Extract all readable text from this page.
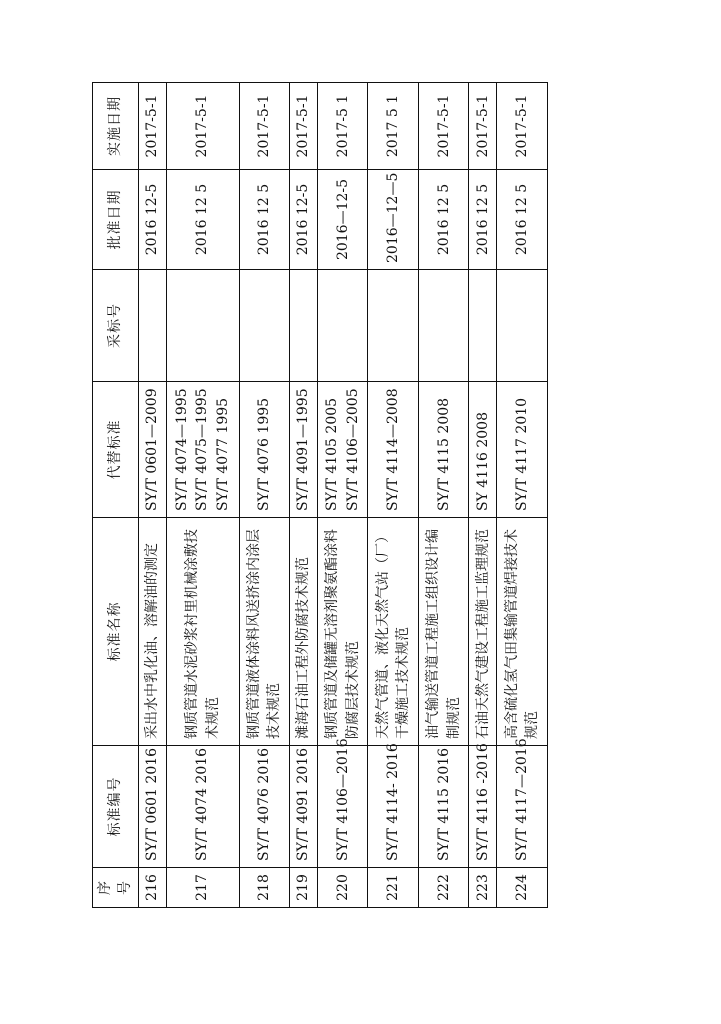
序号	标准编号	标准名称	代替标准	采标号	批准日期	实施日期
216	SY/T 0601 2016	采出水中乳化油、溶解油的测定	SY/T 0601—2009		2016 12-5	2017-5-1
217	SY/T 4074 2016	钢质管道水泥砂浆衬里机械涂敷技术规范	SY/T 4074—1995 SY/T 4075—1995 SY/T 4077 1995		2016 12 5	2017-5-1
218	SY/T 4076 2016	钢质管道液体涂料风送挤涂内涂层技术规范	SY/T 4076 1995		2016 12 5	2017-5-1
219	SY/T 4091 2016	滩海石油工程外防腐技术规范	SY/T 4091—1995		2016 12-5	2017-5-1
220	SY/T 4106—2016	钢质管道及储罐无溶剂聚氨酯涂料防腐层技术规范	SY/T 4105 2005 SY/T 4106—2005		2016—12-5	2017-5 1
221	SY/T 4114- 2016	天然气管道、液化天然气站（厂）干燥施工技术规范	SY/T 4114—2008		2016—12—5	2017 5 1
222	SY/T 4115 2016	油气输送管道工程施工组织设计编制规范	SY/T 4115 2008		2016 12 5	2017-5-1
223	SY/T 4116 -2016	石油天然气建设工程施工监理规范	SY 4116 2008		2016 12 5	2017-5-1
224	SY/T 4117—2016	高含硫化氢气田集输管道焊接技术规范	SY/T 4117 2010		2016 12 5	2017-5-1
